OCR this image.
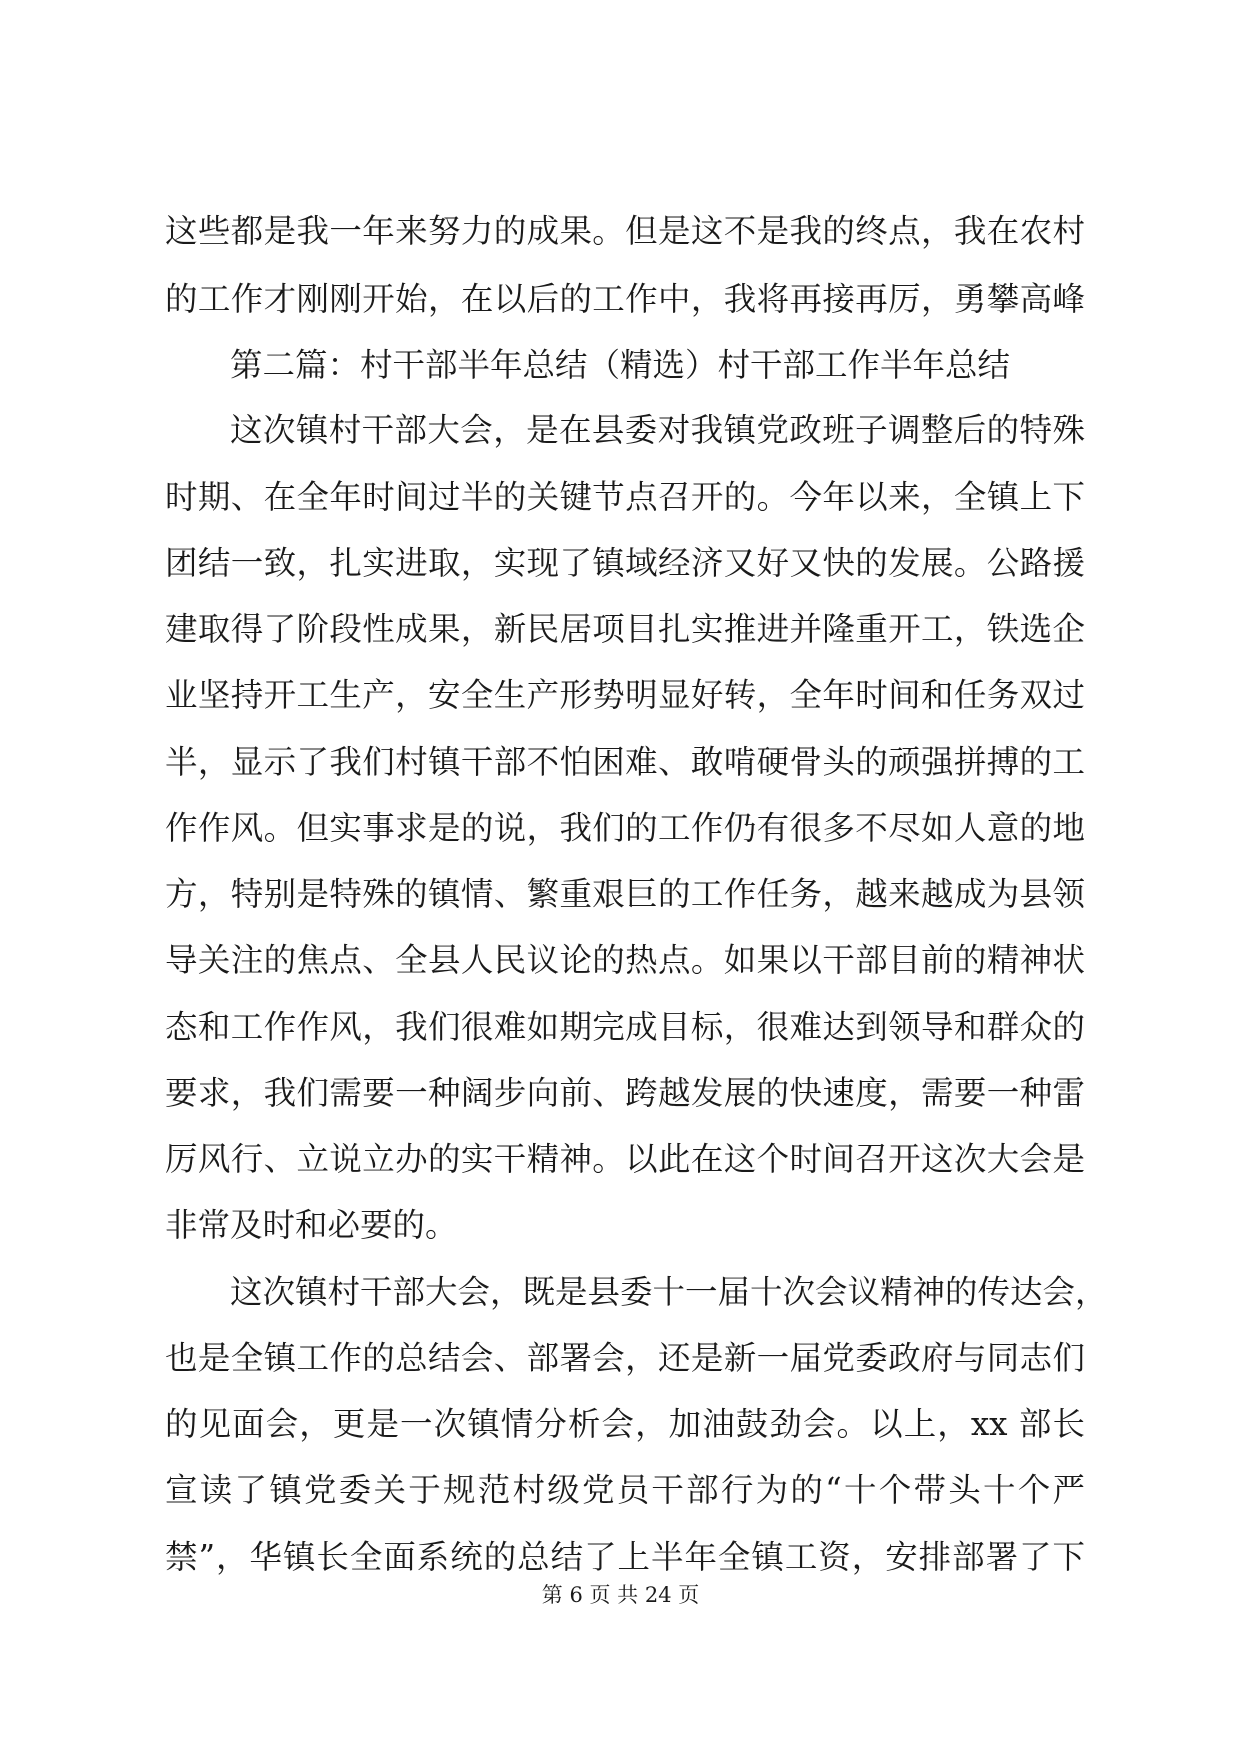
这些都是我一年来努力的成果。但是这不是我的终点，我在农村
的工作才刚刚开始，在以后的工作中，我将再接再厉，勇攀高峰
第二篇：村干部半年总结（精选）村干部工作半年总结
这次镇村干部大会，是在县委对我镇党政班子调整后的特殊
时期、在全年时间过半的关键节点召开的。今年以来，全镇上下
团结一致，扎实进取，实现了镇域经济又好又快的发展。公路援
建取得了阶段性成果，新民居项目扎实推进并隆重开工，铁选企
业坚持开工生产，安全生产形势明显好转，全年时间和任务双过
半，显示了我们村镇干部不怕困难、敢啃硬骨头的顽强拼搏的工
作作风。但实事求是的说，我们的工作仍有很多不尽如人意的地
方，特别是特殊的镇情、繁重艰巨的工作任务，越来越成为县领
导关注的焦点、全县人民议论的热点。如果以干部目前的精神状
态和工作作风，我们很难如期完成目标，很难达到领导和群众的
要求，我们需要一种阔步向前、跨越发展的快速度，需要一种雷
厉风行、立说立办的实干精神。以此在这个时间召开这次大会是
非常及时和必要的。
这次镇村干部大会，既是县委十一届十次会议精神的传达会，
也是全镇工作的总结会、部署会，还是新一届党委政府与同志们
的见面会，更是一次镇情分析会，加油鼓劲会。以上，xx 部长
宣读了镇党委关于规范村级党员干部行为的“十个带头十个严
禁”，华镇长全面系统的总结了上半年全镇工资，安排部署了下
第 6 页 共 24 页
